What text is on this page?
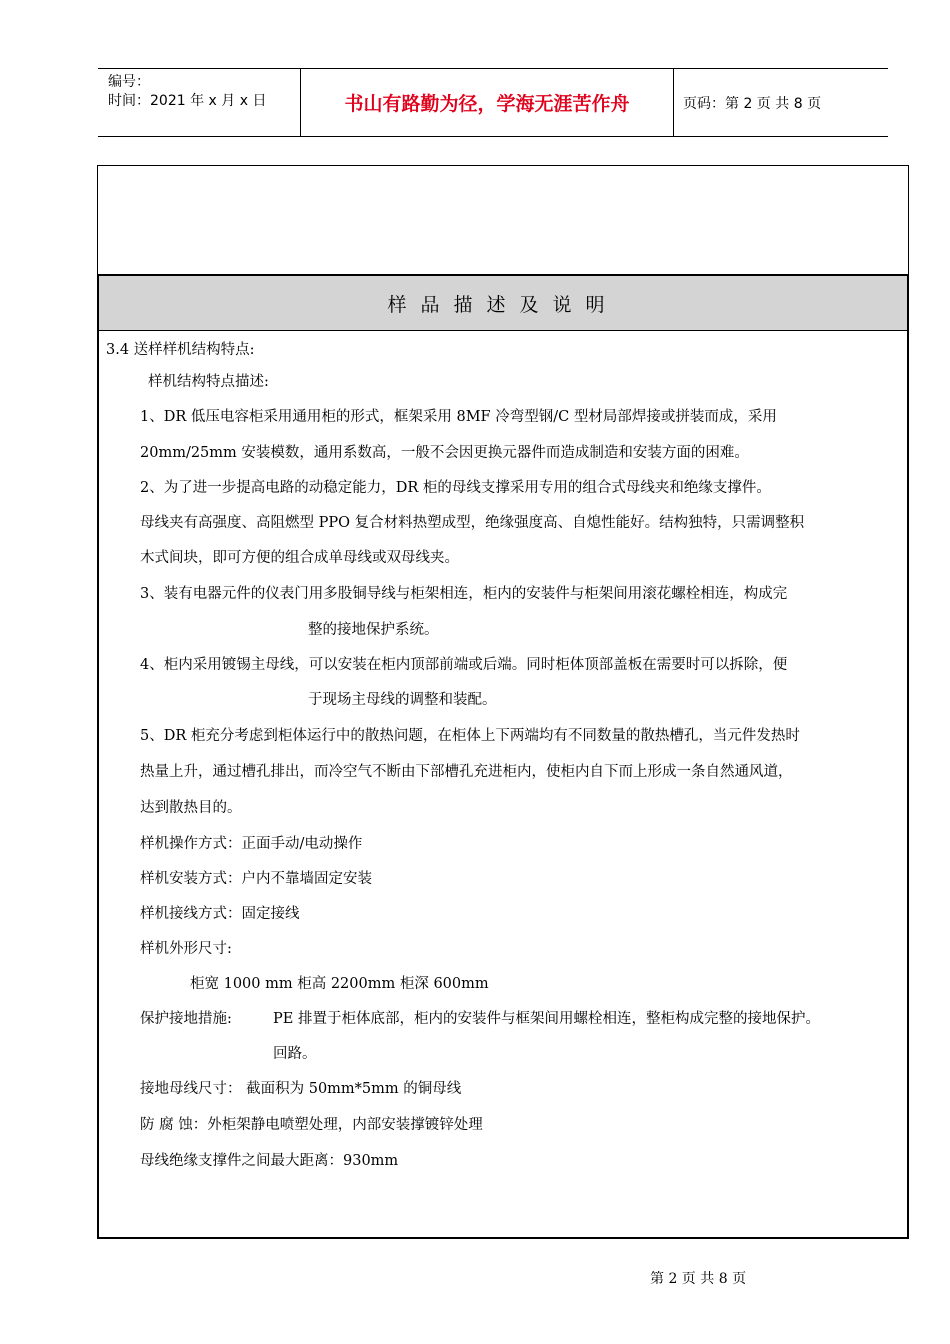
编号：
时间：2021 年 x 月 x 日	书山有路勤为径，学海无涯苦作舟	页码：第 2 页 共 8 页
样品描述及说明
3.4 送样样机结构特点:
样机结构特点描述:
1、DR 低压电容柜采用通用柜的形式，框架采用 8MF 冷弯型钢/C 型材局部焊接或拼装而成，采用
20mm/25mm 安装模数，通用系数高，一般不会因更换元器件而造成制造和安装方面的困难。
2、为了进一步提高电路的动稳定能力，DR 柜的母线支撑采用专用的组合式母线夹和绝缘支撑件。
母线夹有高强度、高阻燃型 PPO 复合材料热塑成型，绝缘强度高、自熄性能好。结构独特，只需调整积
木式间块，即可方便的组合成单母线或双母线夹。
3、装有电器元件的仪表门用多股铜导线与柜架相连，柜内的安装件与柜架间用滚花螺栓相连，构成完
整的接地保护系统。
4、柜内采用镀锡主母线，可以安装在柜内顶部前端或后端。同时柜体顶部盖板在需要时可以拆除，便
于现场主母线的调整和装配。
5、DR 柜充分考虑到柜体运行中的散热问题，在柜体上下两端均有不同数量的散热槽孔，当元件发热时
热量上升，通过槽孔排出，而冷空气不断由下部槽孔充进柜内，使柜内自下而上形成一条自然通风道，
达到散热目的。
样机操作方式：正面手动/电动操作
样机安装方式：户内不靠墙固定安装
样机接线方式：固定接线
样机外形尺寸:
柜宽 1000 mm 柜高 2200mm 柜深 600mm
保护接地措施:	PE 排置于柜体底部，柜内的安装件与框架间用螺栓相连，整柜构成完整的接地保护。
回路。
接地母线尺寸： 截面积为 50mm*5mm 的铜母线
防 腐 蚀：外柜架静电喷塑处理，内部安装撑镀锌处理
母线绝缘支撑件之间最大距离：930mm
第 2 页 共 8 页
